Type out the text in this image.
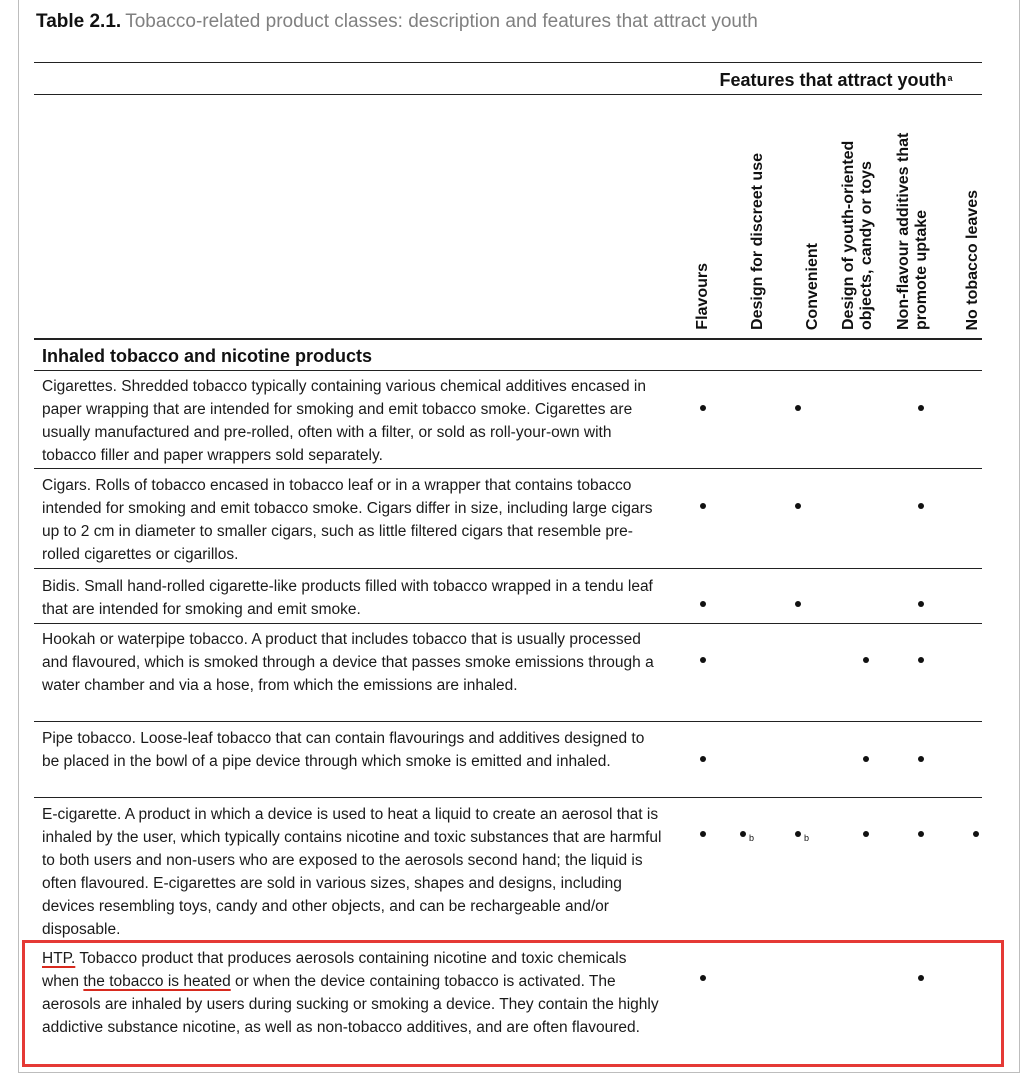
Table 2.1. Tobacco-related product classes: description and features that attract youth
Features that attract youth$^a$
Flavours Design for discreet use Convenient Design of youth-oriented objects, candy or toys Non-flavour additives that promote uptake No tobacco leaves
Inhaled tobacco and nicotine products
Cigarettes. Shredded tobacco typically containing various chemical additives encased in paper wrapping that are intended for smoking and emit tobacco smoke. Cigarettes are usually manufactured and pre-rolled, often with a filter, or sold as roll-your-own with tobacco filler and paper wrappers sold separately.
Cigars. Rolls of tobacco encased in tobacco leaf or in a wrapper that contains tobacco intended for smoking and emit tobacco smoke. Cigars differ in size, including large cigars up to 2 cm in diameter to smaller cigars, such as little filtered cigars that resemble pre-rolled cigarettes or cigarillos.
Bidis. Small hand-rolled cigarette-like products filled with tobacco wrapped in a tendu leaf that are intended for smoking and emit smoke.
Hookah or waterpipe tobacco. A product that includes tobacco that is usually processed and flavoured, which is smoked through a device that passes smoke emissions through a water chamber and via a hose, from which the emissions are inhaled.
Pipe tobacco. Loose-leaf tobacco that can contain flavourings and additives designed to be placed in the bowl of a pipe device through which smoke is emitted and inhaled.
E-cigarette. A product in which a device is used to heat a liquid to create an aerosol that is inhaled by the user, which typically contains nicotine and toxic substances that are harmful to both users and non-users who are exposed to the aerosols second hand; the liquid is often flavoured. E-cigarettes are sold in various sizes, shapes and designs, including devices resembling toys, candy and other objects, and can be rechargeable and/or disposable.
HTP. Tobacco product that produces aerosols containing nicotine and toxic chemicals when the tobacco is heated or when the device containing tobacco is activated. The aerosols are inhaled by users during sucking or smoking a device. They contain the highly addictive substance nicotine, as well as non-tobacco additives, and are often flavoured.
b	b
